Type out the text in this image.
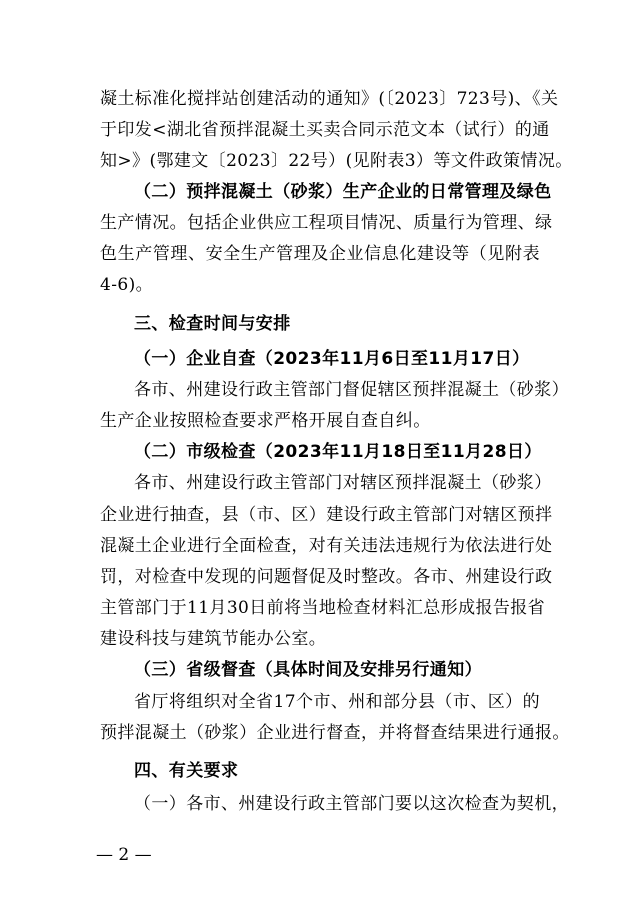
凝土标准化搅拌站创建活动的通知》(〔2023〕723号)、《关
于印发<湖北省预拌混凝土买卖合同示范文本（试行）的通
知>》(鄂建文〔2023〕22号）(见附表3）等文件政策情况。
（二）预拌混凝土（砂浆）生产企业的日常管理及绿色
生产情况。包括企业供应工程项目情况、质量行为管理、绿
色生产管理、安全生产管理及企业信息化建设等（见附表
4-6)。
三、检查时间与安排
（一）企业自查（2023年11月6日至11月17日）
各市、州建设行政主管部门督促辖区预拌混凝土（砂浆）
生产企业按照检查要求严格开展自查自纠。
（二）市级检查（2023年11月18日至11月28日）
各市、州建设行政主管部门对辖区预拌混凝土（砂浆）
企业进行抽查，县（市、区）建设行政主管部门对辖区预拌
混凝土企业进行全面检查，对有关违法违规行为依法进行处
罚，对检查中发现的问题督促及时整改。各市、州建设行政
主管部门于11月30日前将当地检查材料汇总形成报告报省
建设科技与建筑节能办公室。
（三）省级督查（具体时间及安排另行通知）
省厅将组织对全省17个市、州和部分县（市、区）的
预拌混凝土（砂浆）企业进行督查，并将督查结果进行通报。
四、有关要求
（一）各市、州建设行政主管部门要以这次检查为契机，
— 2 —
